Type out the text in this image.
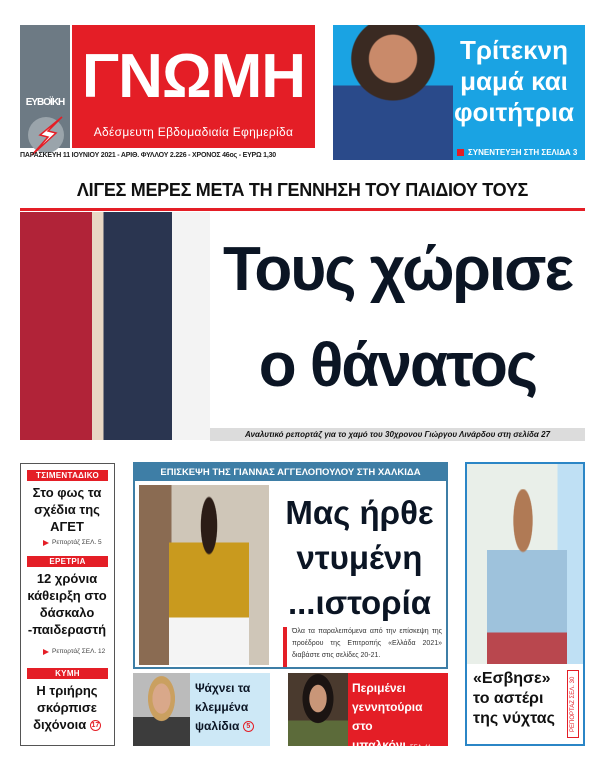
ΕΥΒΟΪΚΗ ΓΝΩΜΗ
Αδέσμευτη Εβδομαδιαία Εφημερίδα
ΠΑΡΑΣΚΕΥΗ 11 ΙΟΥΝΙΟΥ 2021 - ΑΡΙΘ. ΦΥΛΛΟΥ 2.226 - ΧΡΟΝΟΣ 46ος - ΕΥΡΩ 1,30
Τρίτεκνη μαμά και φοιτήτρια
ΣΥΝΕΝΤΕΥΞΗ ΣΤΗ ΣΕΛΙΔΑ 3
ΛΙΓΕΣ ΜΕΡΕΣ ΜΕΤΑ ΤΗ ΓΕΝΝΗΣΗ ΤΟΥ ΠΑΙΔΙΟΥ ΤΟΥΣ
Τους χώρισε
ο θάνατος
Αναλυτικό ρεπορτάζ για το χαμό του 30χρονου Γιώργου Λινάρδου στη σελίδα 27
ΤΣΙΜΕΝΤΑΔΙΚΟ
Στο φως τα σχέδια της ΑΓΕΤ
Ρεπορτάζ ΣΕΛ. 5
ΕΡΕΤΡΙΑ
12 χρόνια κάθειρξη στο δάσκαλο -παιδεραστή
Ρεπορτάζ ΣΕΛ. 12
ΚΥΜΗ
Η τριήρης σκόρπισε διχόνοια 17
ΕΠΙΣΚΕΨΗ ΤΗΣ ΓΙΑΝΝΑΣ ΑΓΓΕΛΟΠΟΥΛΟΥ ΣΤΗ ΧΑΛΚΙΔΑ
Μας ήρθε ντυμένη ...ιστορία
Όλα τα παραλειπόμενα από την επίσκεψη της προέδρου της Επιτροπής «Ελλάδα 2021» διαβάστε στις σελίδες 20-21.
«Εσβησε» το αστέρι της νύχτας	ΡΕΠΟΡΤΑΖ ΣΕΛ. 30
Ψάχνει τα κλεμμένα ψαλίδια 5
Περιμένει γεννητούρια στο μπαλκόνι ΣΕΛ. 11
